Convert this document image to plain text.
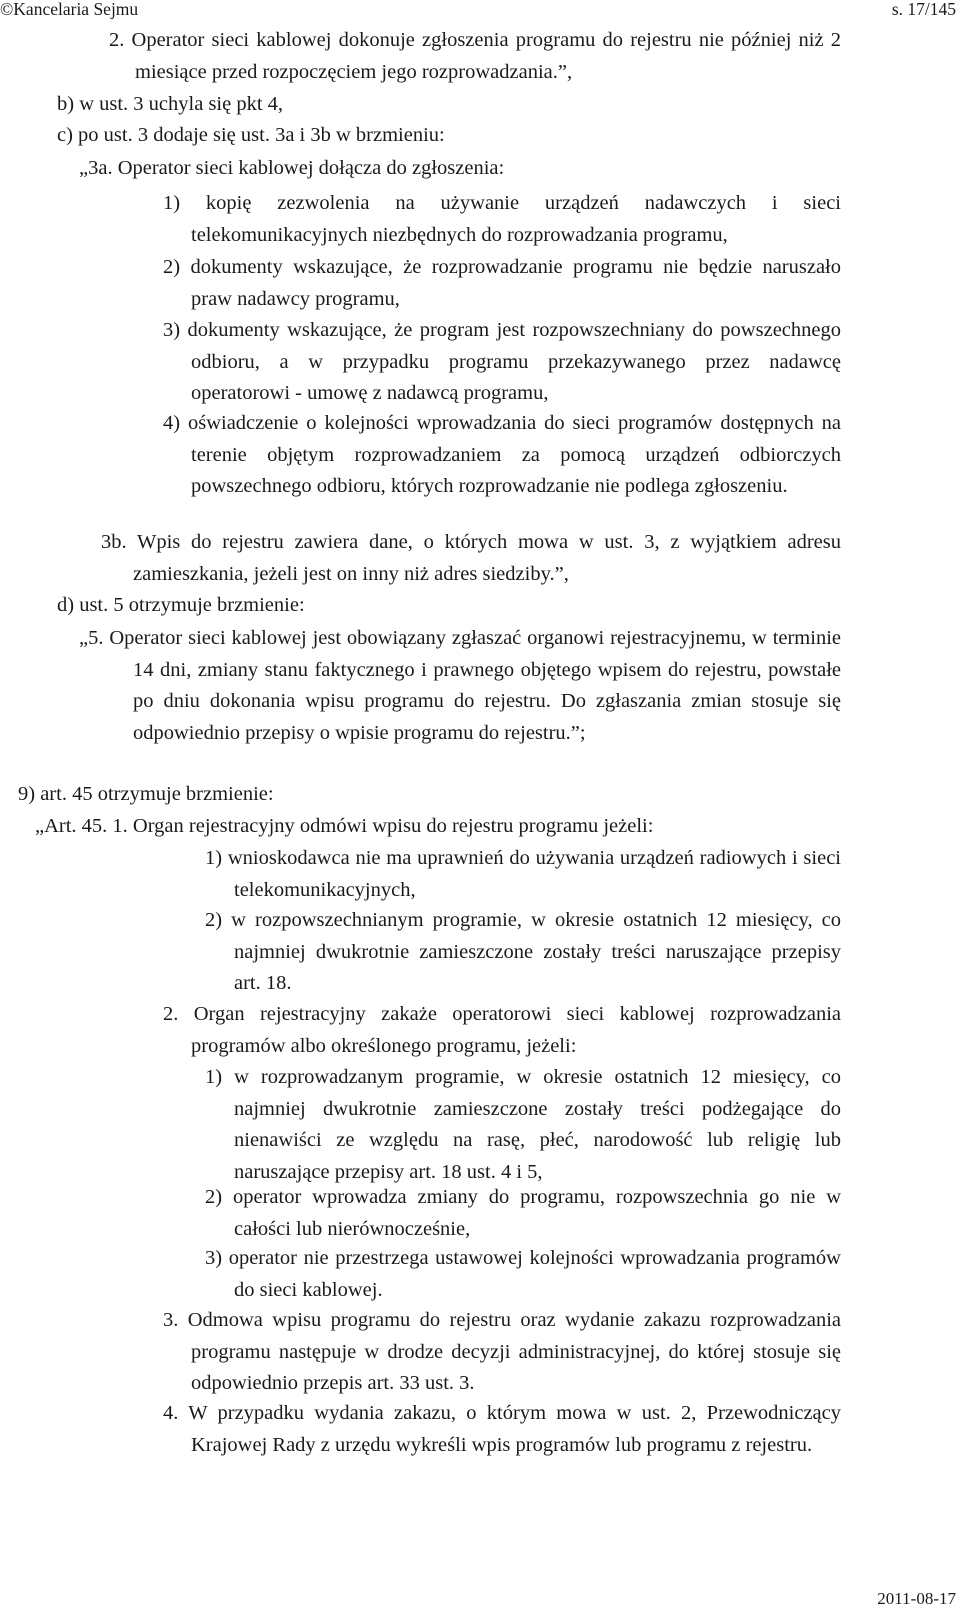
©Kancelaria Sejmu	s. 17/145

2. Operator sieci kablowej dokonuje zgłoszenia programu do rejestru nie później niż 2 miesiące przed rozpoczęciem jego rozprowadzania.”,

b) w ust. 3 uchyla się pkt 4,

c) po ust. 3 dodaje się ust. 3a i 3b w brzmieniu:

„3a. Operator sieci kablowej dołącza do zgłoszenia:

1) kopię zezwolenia na używanie urządzeń nadawczych i sieci telekomunikacyjnych niezbędnych do rozprowadzania programu,

2) dokumenty wskazujące, że rozprowadzanie programu nie będzie naruszało praw nadawcy programu,

3) dokumenty wskazujące, że program jest rozpowszechniany do powszechnego odbioru, a w przypadku programu przekazywanego przez nadawcę operatorowi - umowę z nadawcą programu,

4) oświadczenie o kolejności wprowadzania do sieci programów dostępnych na terenie objętym rozprowadzaniem za pomocą urządzeń odbiorczych powszechnego odbioru, których rozprowadzanie nie podlega zgłoszeniu.

3b. Wpis do rejestru zawiera dane, o których mowa w ust. 3, z wyjątkiem adresu zamieszkania, jeżeli jest on inny niż adres siedziby.”,

d) ust. 5 otrzymuje brzmienie:

„5. Operator sieci kablowej jest obowiązany zgłaszać organowi rejestracyjnemu, w terminie 14 dni, zmiany stanu faktycznego i prawnego objętego wpisem do rejestru, powstałe po dniu dokonania wpisu programu do rejestru. Do zgłaszania zmian stosuje się odpowiednio przepisy o wpisie programu do rejestru.”;

9) art. 45 otrzymuje brzmienie:

„Art. 45. 1. Organ rejestracyjny odmówi wpisu do rejestru programu jeżeli:

1) wnioskodawca nie ma uprawnień do używania urządzeń radiowych i sieci telekomunikacyjnych,

2) w rozpowszechnianym programie, w okresie ostatnich 12 miesięcy, co najmniej dwukrotnie zamieszczone zostały treści naruszające przepisy art. 18.

2. Organ rejestracyjny zakaże operatorowi sieci kablowej rozprowadzania programów albo określonego programu, jeżeli:

1) w rozprowadzanym programie, w okresie ostatnich 12 miesięcy, co najmniej dwukrotnie zamieszczone zostały treści podżegające do nienawiści ze względu na rasę, płeć, narodowość lub religię lub naruszające przepisy art. 18 ust. 4 i 5,

2) operator wprowadza zmiany do programu, rozpowszechnia go nie w całości lub nierównocześnie,

3) operator nie przestrzega ustawowej kolejności wprowadzania programów do sieci kablowej.

3. Odmowa wpisu programu do rejestru oraz wydanie zakazu rozprowadzania programu następuje w drodze decyzji administracyjnej, do której stosuje się odpowiednio przepis art. 33 ust. 3.

4. W przypadku wydania zakazu, o którym mowa w ust. 2, Przewodniczący Krajowej Rady z urzędu wykreśli wpis programów lub programu z rejestru.

2011-08-17
